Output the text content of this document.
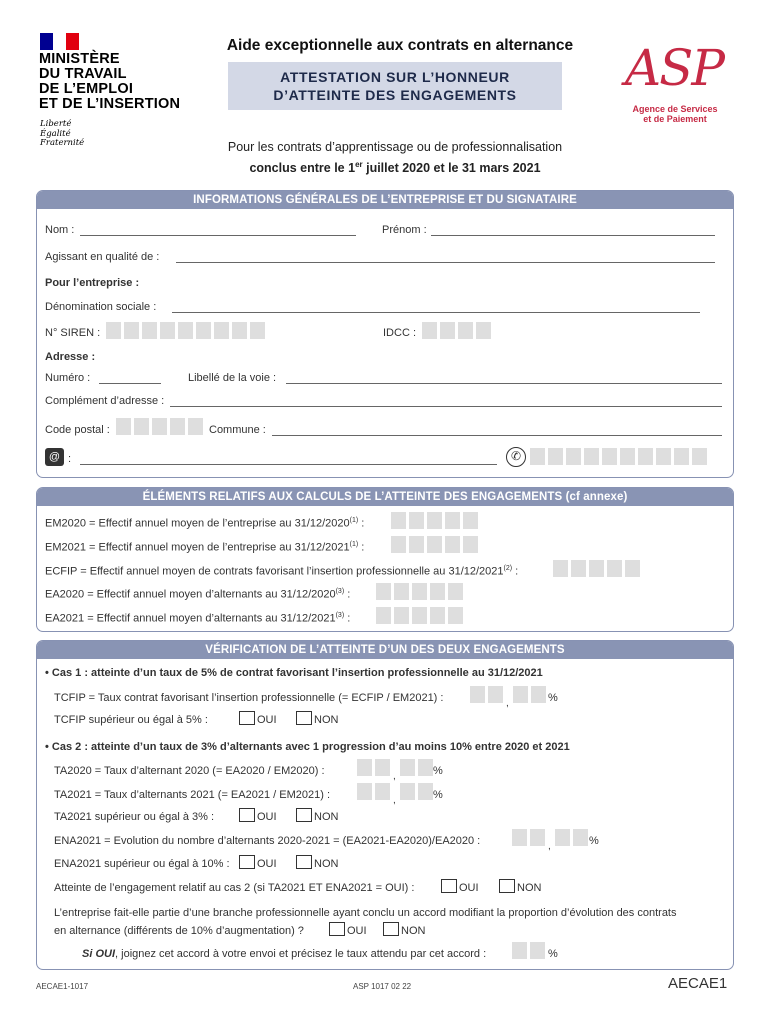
MINISTÈRE
DU TRAVAIL
DE L’EMPLOI
ET DE L’INSERTION
Liberté
Égalité
Fraternité
Aide exceptionnelle aux contrats en alternance
ATTESTATION SUR L’HONNEUR
D’ATTEINTE DES ENGAGEMENTS ASP
Agence de Services
et de Paiement
Pour les contrats d’apprentissage ou de professionnalisation
conclus entre le 1er juillet 2020 et le 31 mars 2021
INFORMATIONS GÉNÉRALES DE L’ENTREPRISE ET DU SIGNATAIRE
Nom :	Prénom :
Agissant en qualité de :
Pour l’entreprise :
Dénomination sociale :
N° SIREN :	IDCC :
Adresse :
Numéro :	Libellé de la voie :
Complément d’adresse :
Code postal :	Commune :
@ :	✆
ÉLÉMENTS RELATIFS AUX CALCULS DE L’ATTEINTE DES ENGAGEMENTS (cf annexe)
EM2020 = Effectif annuel moyen de l’entreprise au 31/12/2020$^{(1)}$ :
EM2021 = Effectif annuel moyen de l’entreprise au 31/12/2021$^{(1)}$ :
ECFIP = Effectif annuel moyen de contrats favorisant l’insertion professionnelle au 31/12/2021$^{(2)}$ :
EA2020 = Effectif annuel moyen d’alternants au 31/12/2020$^{(3)}$ :
EA2021 = Effectif annuel moyen d’alternants au 31/12/2021$^{(3)}$ :
VÉRIFICATION DE L’ATTEINTE D’UN DES DEUX ENGAGEMENTS
• Cas 1 : atteinte d’un taux de 5% de contrat favorisant l’insertion professionnelle au 31/12/2021
TCFIP = Taux contrat favorisant l’insertion professionnelle (= ECFIP / EM2021) :	,	%
TCFIP supérieur ou égal à 5% :	OUI	NON
• Cas 2 : atteinte d’un taux de 3% d’alternants avec 1 progression d’au moins 10% entre 2020 et 2021
TA2020 = Taux d’alternant 2020 (= EA2020 / EM2020) :	,	%
TA2021 = Taux d’alternants 2021 (= EA2021 / EM2021) :	,	%
TA2021 supérieur ou égal à 3% :	OUI	NON
ENA2021 = Evolution du nombre d’alternants 2020-2021 = (EA2021-EA2020)/EA2020 :	,	%
ENA2021 supérieur ou égal à 10% : OUI	NON
Atteinte de l’engagement relatif au cas 2 (si TA2021 ET ENA2021 = OUI) :	OUI	NON
L’entreprise fait-elle partie d’une branche professionnelle ayant conclu un accord modifiant la proportion d’évolution des contrats
en alternance (différents de 10% d’augmentation) ?	OUI	NON
Si OUI, joignez cet accord à votre envoi et précisez le taux attendu par cet accord :	%
AECAE1-1017	ASP 1017 02 22	AECAE1
